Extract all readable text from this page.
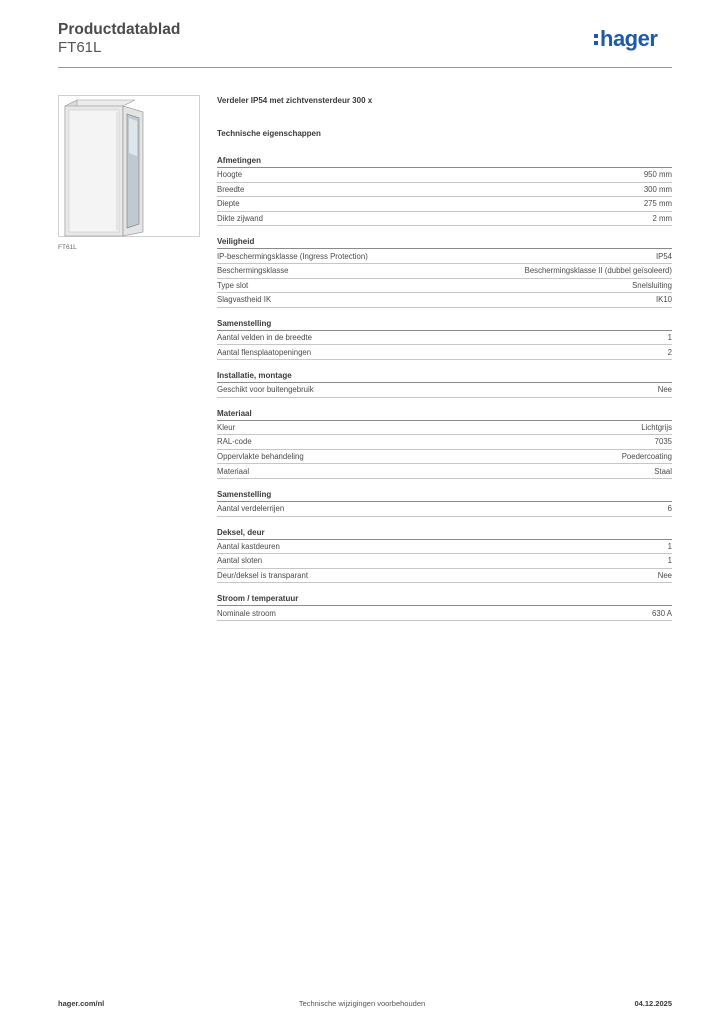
Productdatablad
FT61L	hager
FT61L
Verdeler IP54 met zichtvensterdeur 300 x
Technische eigenschappen
Afmetingen
Hoogte	950 mm
Breedte	300 mm
Diepte	275 mm
Dikte zijwand	2 mm
Veiligheid
IP-beschermingsklasse (Ingress Protection)	IP54
Beschermingsklasse	Beschermingsklasse II (dubbel geïsoleerd)
Type slot	Snelsluiting
Slagvastheid IK	IK10
Samenstelling
Aantal velden in de breedte	1
Aantal flensplaatopeningen	2
Installatie, montage
Geschikt voor buitengebruik	Nee
Materiaal
Kleur	Lichtgrijs
RAL-code	7035
Oppervlakte behandeling	Poedercoating
Materiaal	Staal
Samenstelling
Aantal verdelerrijen	6
Deksel, deur
Aantal kastdeuren	1
Aantal sloten	1
Deur/deksel is transparant	Nee
Stroom / temperatuur
Nominale stroom	630 A
hager.com/nl	Technische wijzigingen voorbehouden	04.12.2025
